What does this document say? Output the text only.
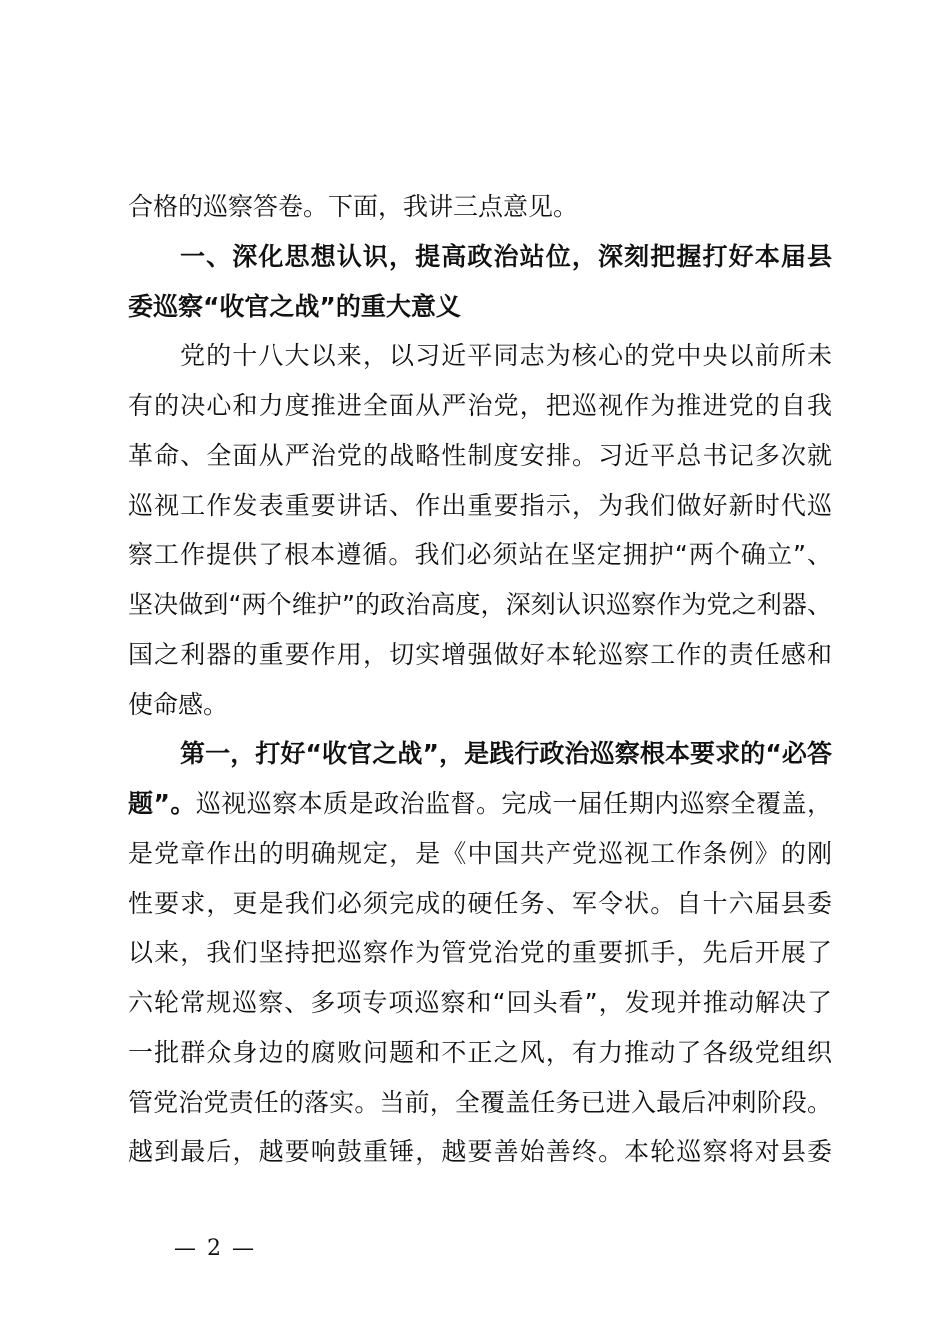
合格的巡察答卷。下面，我讲三点意见。
一、深化思想认识，提高政治站位，深刻把握打好本届县
委巡察“收官之战”的重大意义
党的十八大以来，以习近平同志为核心的党中央以前所未
有的决心和力度推进全面从严治党，把巡视作为推进党的自我
革命、全面从严治党的战略性制度安排。习近平总书记多次就
巡视工作发表重要讲话、作出重要指示，为我们做好新时代巡
察工作提供了根本遵循。我们必须站在坚定拥护“两个确立”、
坚决做到“两个维护”的政治高度，深刻认识巡察作为党之利器、
国之利器的重要作用，切实增强做好本轮巡察工作的责任感和
使命感。
第一，打好“收官之战”，是践行政治巡察根本要求的“必答
题”。巡视巡察本质是政治监督。完成一届任期内巡察全覆盖，
是党章作出的明确规定，是《中国共产党巡视工作条例》的刚
性要求，更是我们必须完成的硬任务、军令状。自十六届县委
以来，我们坚持把巡察作为管党治党的重要抓手，先后开展了
六轮常规巡察、多项专项巡察和“回头看”，发现并推动解决了
一批群众身边的腐败问题和不正之风，有力推动了各级党组织
管党治党责任的落实。当前，全覆盖任务已进入最后冲刺阶段。
越到最后，越要响鼓重锤，越要善始善终。本轮巡察将对县委
— 2 —
